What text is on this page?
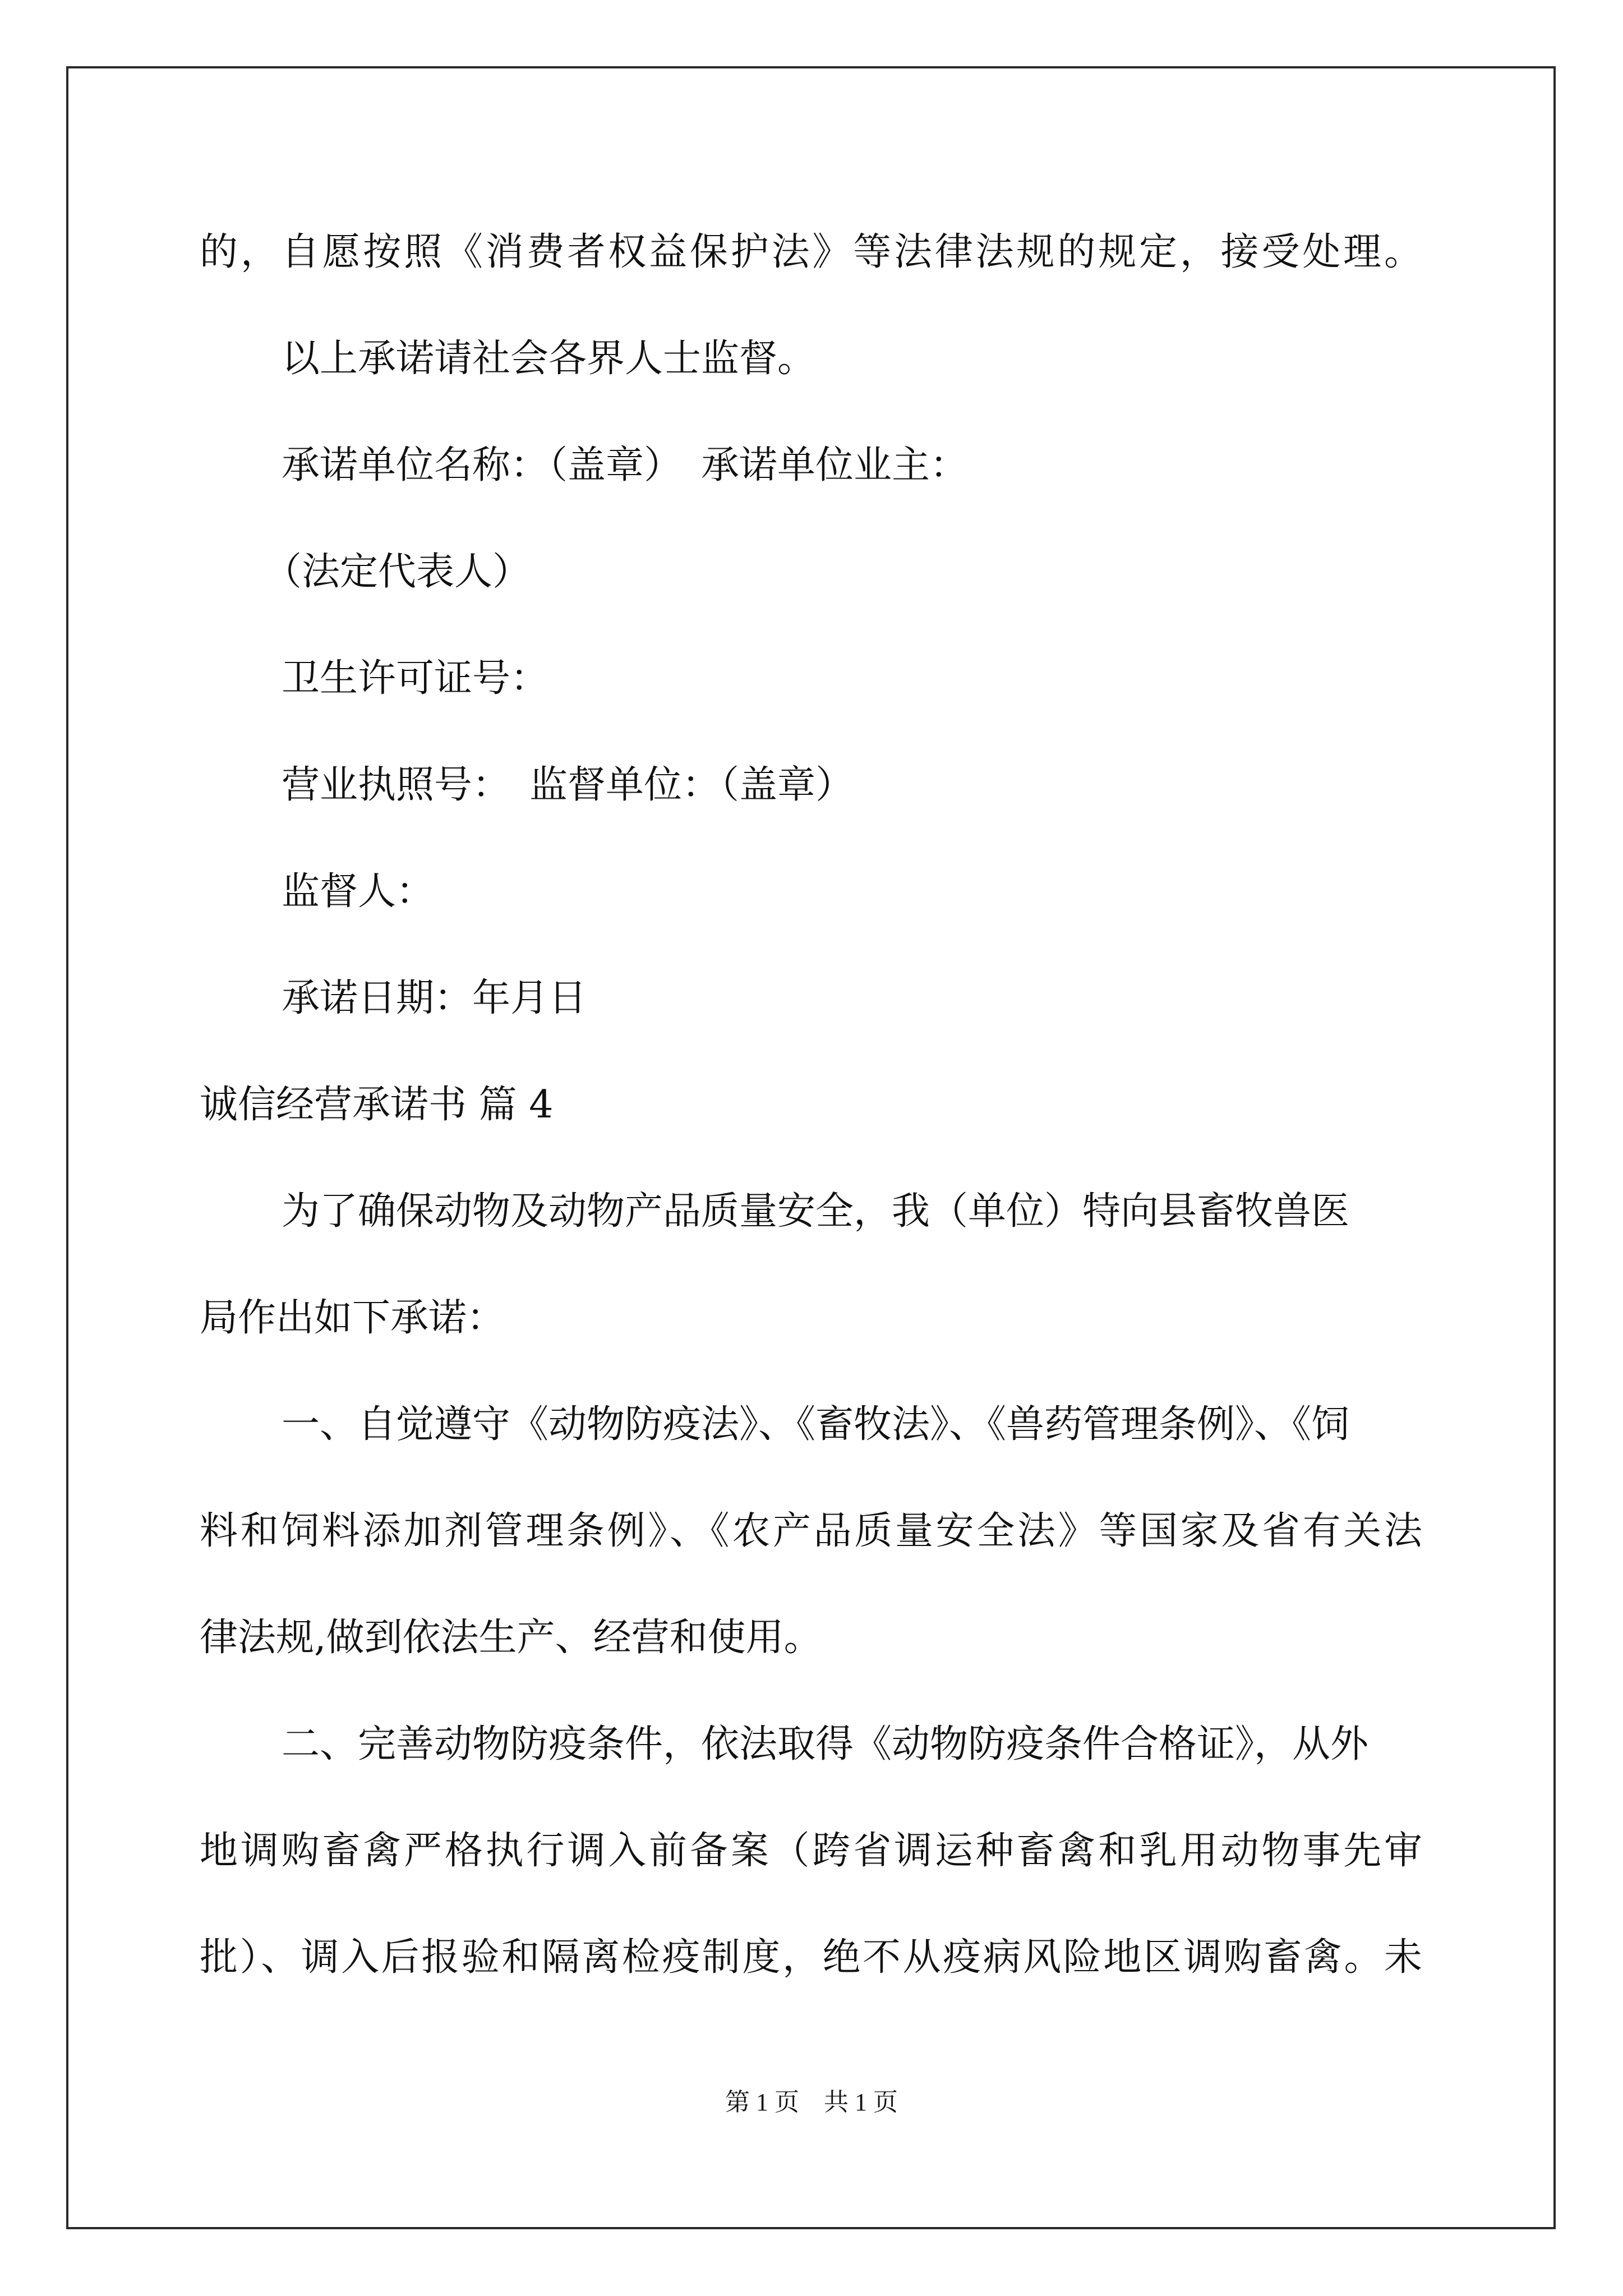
的，自愿按照《消费者权益保护法》等法律法规的规定，接受处理。
以上承诺请社会各界人士监督。
承诺单位名称：（盖章）　承诺单位业主：
（法定代表人）
卫生许可证号：
营业执照号：　监督单位：（盖章）
监督人：
承诺日期：年月日
诚信经营承诺书 篇 4
为了确保动物及动物产品质量安全，我（单位）特向县畜牧兽医
局作出如下承诺：
一、自觉遵守《动物防疫法》、《畜牧法》、《兽药管理条例》、《饲
料和饲料添加剂管理条例》、《农产品质量安全法》等国家及省有关法
律法规,做到依法生产、经营和使用。
二、完善动物防疫条件，依法取得《动物防疫条件合格证》，从外
地调购畜禽严格执行调入前备案（跨省调运种畜禽和乳用动物事先审
批）、调入后报验和隔离检疫制度，绝不从疫病风险地区调购畜禽。未
第 1 页　共 1 页
